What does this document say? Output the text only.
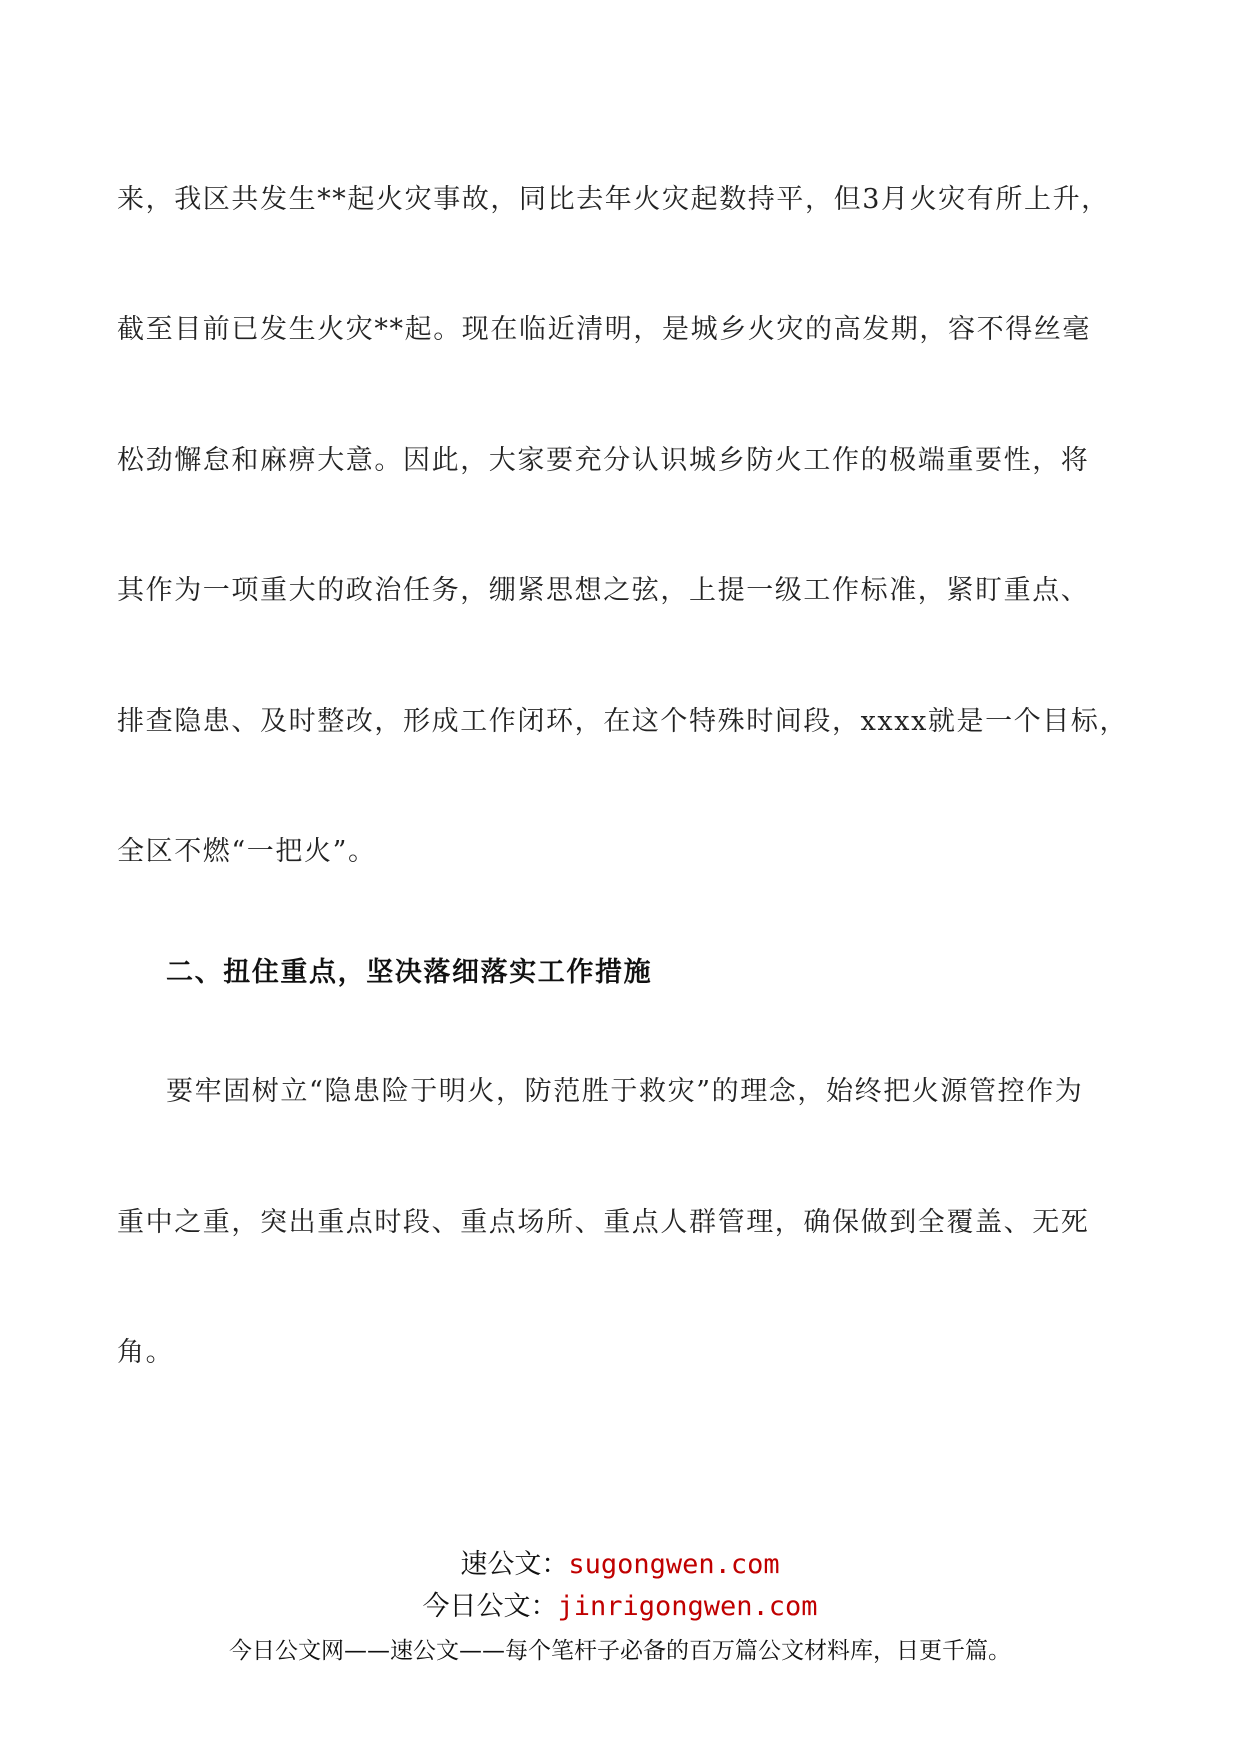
来，我区共发生**起火灾事故，同比去年火灾起数持平，但3月火灾有所上升，
截至目前已发生火灾**起。现在临近清明，是城乡火灾的高发期，容不得丝毫
松劲懈怠和麻痹大意。因此，大家要充分认识城乡防火工作的极端重要性，将
其作为一项重大的政治任务，绷紧思想之弦，上提一级工作标准，紧盯重点、
排查隐患、及时整改，形成工作闭环，在这个特殊时间段，xxxx就是一个目标，
全区不燃“一把火”。
二、扭住重点，坚决落细落实工作措施
要牢固树立“隐患险于明火，防范胜于救灾”的理念，始终把火源管控作为
重中之重，突出重点时段、重点场所、重点人群管理，确保做到全覆盖、无死
角。
速公文：sugongwen.com
今日公文：jinrigongwen.com
今日公文网——速公文——每个笔杆子必备的百万篇公文材料库，日更千篇。
